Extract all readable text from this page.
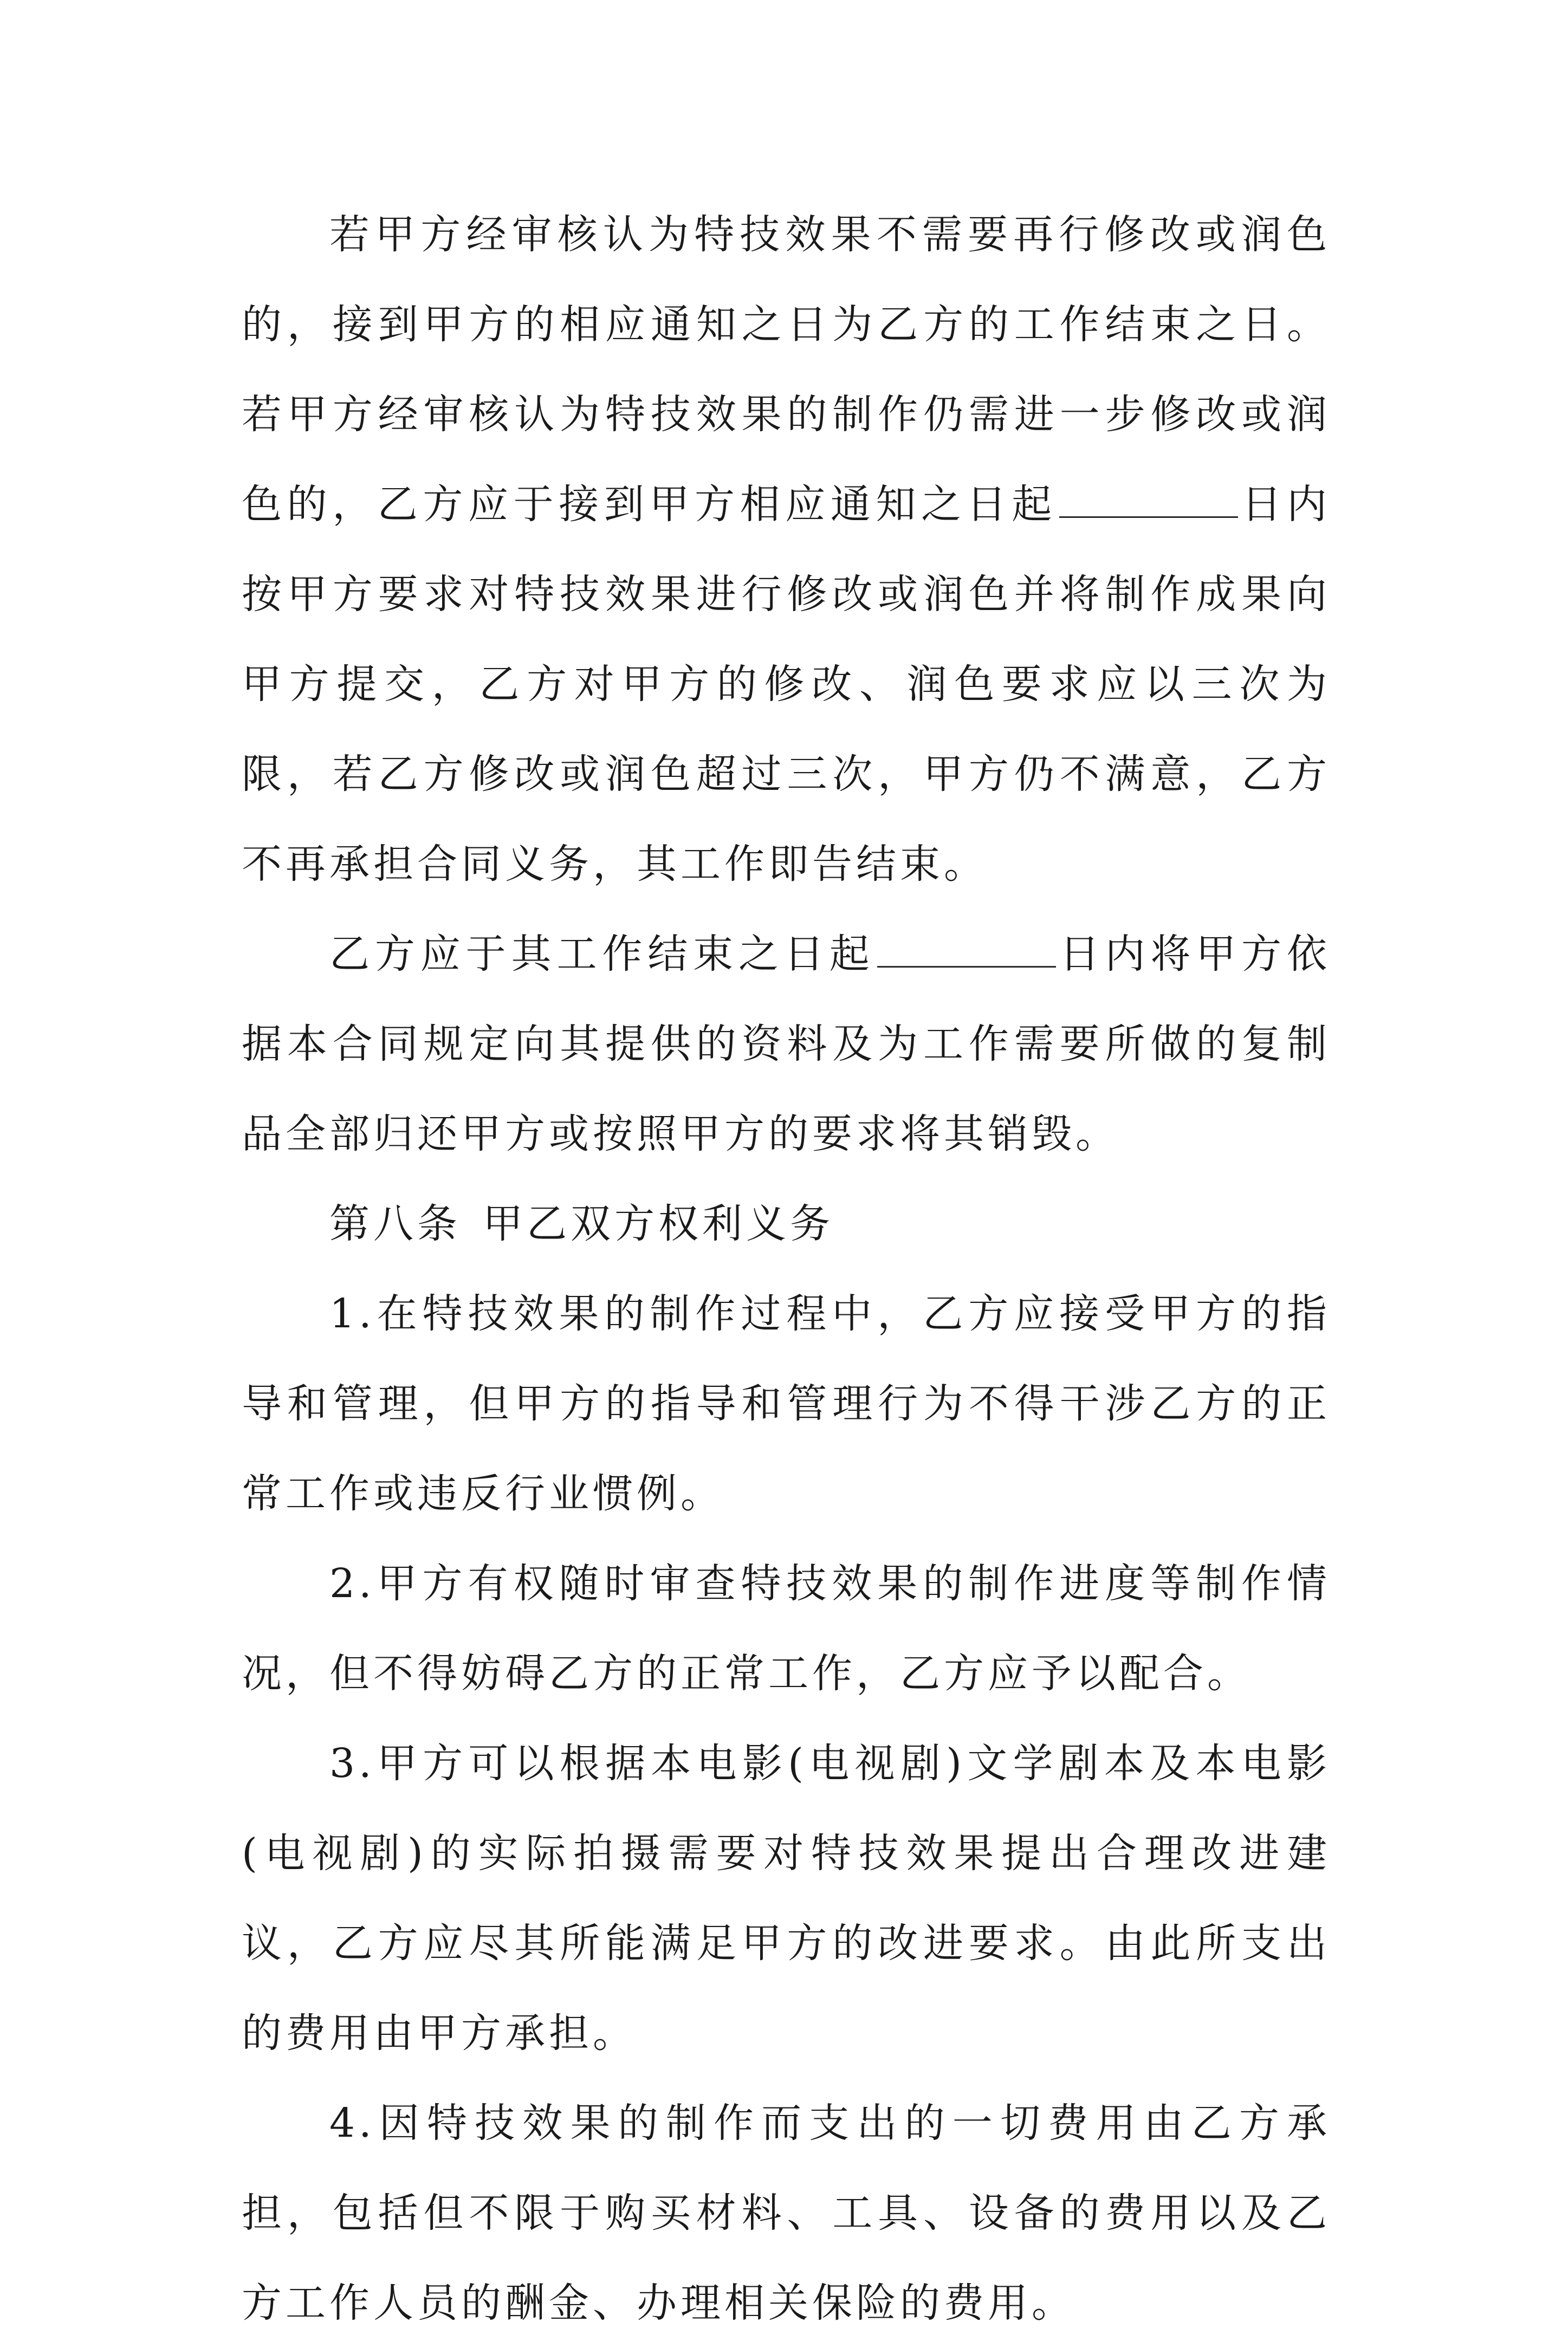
若甲方经审核认为特技效果不需要再行修改或润色的，接到甲方的相应通知之日为乙方的工作结束之日。若甲方经审核认为特技效果的制作仍需进一步修改或润色的，乙方应于接到甲方相应通知之日起	日内按甲方要求对特技效果进行修改或润色并将制作成果向甲方提交，乙方对甲方的修改、润色要求应以三次为限，若乙方修改或润色超过三次，甲方仍不满意，乙方不再承担合同义务，其工作即告结束。

乙方应于其工作结束之日起	日内将甲方依据本合同规定向其提供的资料及为工作需要所做的复制品全部归还甲方或按照甲方的要求将其销毁。

第八条 甲乙双方权利义务

1.在特技效果的制作过程中，乙方应接受甲方的指导和管理，但甲方的指导和管理行为不得干涉乙方的正常工作或违反行业惯例。

2.甲方有权随时审查特技效果的制作进度等制作情况，但不得妨碍乙方的正常工作，乙方应予以配合。

3.甲方可以根据本电影(电视剧)文学剧本及本电影(电视剧)的实际拍摄需要对特技效果提出合理改进建议，乙方应尽其所能满足甲方的改进要求。由此所支出的费用由甲方承担。

4.因特技效果的制作而支出的一切费用由乙方承担，包括但不限于购买材料、工具、设备的费用以及乙方工作人员的酬金、办理相关保险的费用。
